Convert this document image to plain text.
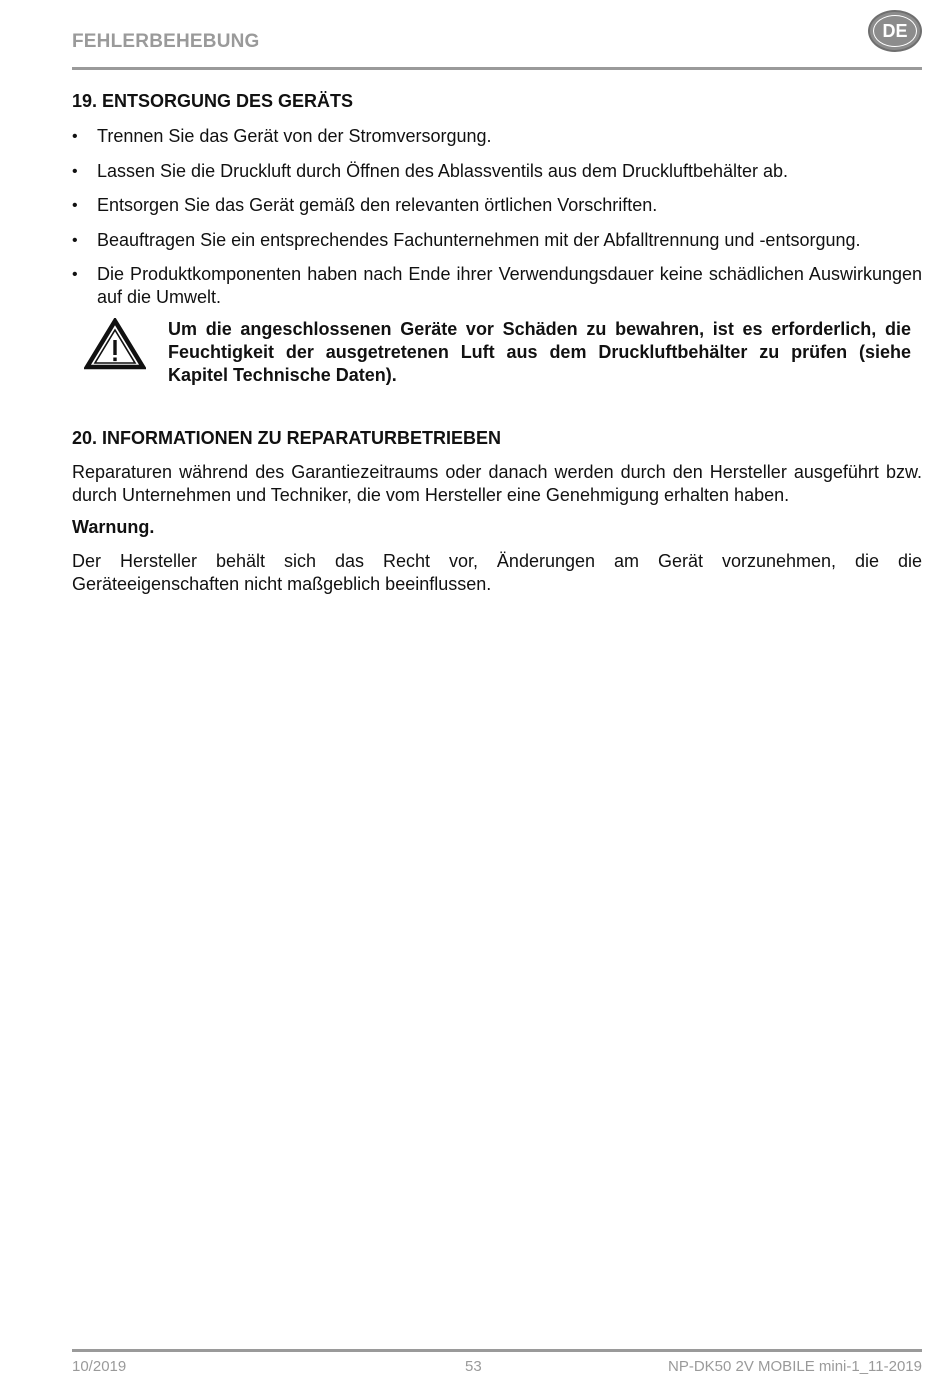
FEHLERBEHEBUNG
DE
19. ENTSORGUNG DES GERÄTS
• Trennen Sie das Gerät von der Stromversorgung.
• Lassen Sie die Druckluft durch Öffnen des Ablassventils aus dem Druckluftbehälter ab.
• Entsorgen Sie das Gerät gemäß den relevanten örtlichen Vorschriften.
• Beauftragen Sie ein entsprechendes Fachunternehmen mit der Abfalltrennung und -entsorgung.
• Die Produktkomponenten haben nach Ende ihrer Verwendungsdauer keine schädlichen Auswirkungen auf die Umwelt.
Um die angeschlossenen Geräte vor Schäden zu bewahren, ist es erforderlich, die Feuchtigkeit der ausgetretenen Luft aus dem Druckluftbehälter zu prüfen (siehe Kapitel Technische Daten).
20. INFORMATIONEN ZU REPARATURBETRIEBEN
Reparaturen während des Garantiezeitraums oder danach werden durch den Hersteller ausgeführt bzw. durch Unternehmen und Techniker, die vom Hersteller eine Genehmigung erhalten haben.
Warnung.
Der Hersteller behält sich das Recht vor, Änderungen am Gerät vorzunehmen, die die Geräteeigenschaften nicht maßgeblich beeinflussen.
10/2019	53	NP-DK50 2V MOBILE mini-1_11-2019
